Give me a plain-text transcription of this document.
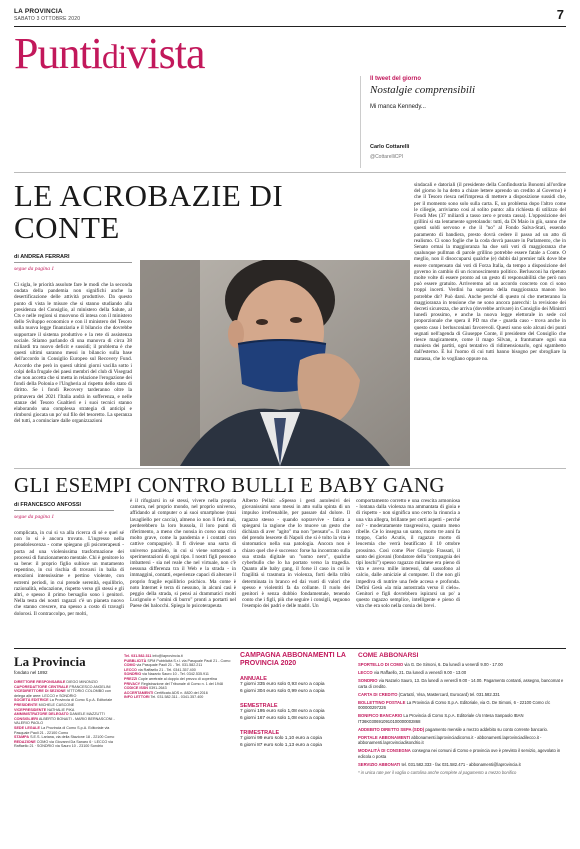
LA PROVINCIA
SABATO 3 OTTOBRE 2020	7
Puntidivista
Il tweet del giorno
Nostalgie comprensibili
Mi manca Kennedy...
Carlo Cottarelli
@CottarelliCPI
LE ACROBAZIE DI CONTE
di ANDREA FERRARI
segue da pagina 1
Ci sigla, le priorità assolute fare le modi che la seconda ondata della pandemia non significhi anche la desertificazione delle attività produttive. Da questo punto di vista le misure che si stanno studiando alla presidenza del Consiglio, al ministero della Salute, al Cts e nelle regioni si muovono di intesa con il ministero dello Sviluppo economico e con il ministero del Tesoro sulla nuova legge finanziaria e il bilancio che dovrebbe supportare il sistema produttivo e la rete di assistenza sociale. Stiamo parlando di una manovra di circa 38 miliardi tra nuovo deficit e sussidi; il problema è che questi ultimi saranno messi in bilancio sulla base dell'accordo in Consiglio Europeo sul Recovery Fund. Accordo che però in questi ultimi giorni vacilla sotto i colpi della frugale dei paesi membri del club di Visegrad che non accetta che si metta in relazione l'erogazione dei fondi della Polonia e l'Ungheria al rispetto dello stato di diritto. Se i fondi Recovery tarderanno oltre la primavera del 2021 l'Italia andrà in sofferenza, e nelle stanze del Tesoro Gualtieri e i suoi tecnici stanno elaborando una complessa strategia di anticipi e rimborsi giocata un po' sul filo del tesoretto. La speranza del tutti, a cominciare dalle organizzazioni
sindacali e datoriali (il presidente della Confindustria Bonomi all'ordine del giorno lo ha detto a chiare lettere aprendo un credito al Governo) è che il Tesoro riesca nell'impresa di mettere a disposizione sussidi che, per il momento sono solo sulla carta. E, un problema dopo l'altro come le ciliegie, arriviamo così al solito punto: alla richiesta di utilizzo del Fondi Mes (37 miliardi a tasso zero e pronta cassa). L'opposizione dei grillini si sta lentamente sgretolando: tutti, da Di Maio in giù, sanno che questi soldi servono e che il "no" al Fondo Salva-Stati, essendo paramento di bandiera, presto dovrà cedere il passo ad un atto di realismo. Ci sono foglie che la coda dovrà passare in Parlamento, che in Senato ormai la maggioranza ha due soli voti di maggioranza che qualunque pullman di parole grillino potrebbe essere fatale a Conte. O meglio, non il disoccuparsi qualche (e) dubbi dal premier talk dove bbe essere compensato dai voti di Forza Italia, da tempo a disposizione del governo in cambio di un riconoscimento politico. Berlusconi ha ripetuto molte volte di essere pronto ad un gesto di responsabilità che però non può essere gratuito. Arriveremo ad un accordo concreto con ci sono troppi incerti. Verdini ha superato della maggioranza manon loo potrebbe dir? Può darsi. Anche perché di questo ni che metteranno la maggioranza in tensione che ne sono ancora parecchi: la revisione dei decreti sicurezza, che arriva (dovrebbe arrivare) in Consiglio dei Ministri lunedì prossimo, e anche la nuova legge elettorale in sede col proporzionale che spera il PD ma che - guarda caso - trova anche in questo caso i berlusconiani favorevoli. Questi sono solo alcuni dei punti segnati nell'agenda di Giuseppe Conte, il presidente del Consiglio che riesce magicamente, come il mago Silvan, a frantumare ogni sua maniera dei partiti, ogni tentativo di ridimensionarlo, ogni sgambetto dall'esterno. È lui l'uomo di cui tutti hanno bisogno per sbrogliare la matassa, che lo vogliano oppure no.
GLI ESEMPI CONTRO BULLI E BABY GANG
di FRANCESCO ANFOSSI
segue da pagina 1
complicata, in cui si va alla ricerca di sé e quel sé non lo si è ancora trovato. L'ingresso nella preadolescenza - come spiegano gli psicoterapeuti - porta ad una violenissima trasformazione dei processi di funzionamento mentale. Chi è genitore lo sa bene: il proprio figlio subisce un mutamento repentino, in cui rischia di trovarsi in balia di emozioni intensissime e pertino violente, con estremi periodi, in cui prende serenità, equilibrio, razionalità, educazione, rispetto verso gli stessi e gli altri, e spesso il primo bersaglio sono i genitori. Nella testa dei nostri ragazzi c'è un pianeta nuovo che stanno crescere, ma spesso a costo di travagli dolorosi. Il contraccolpo, per molti,
è il rifugiarsi in sé stessi, vivere nella propria camera, nel proprio mondo, nel proprio universo, affidando al computer o ai suoi smartphone (mai lavagliello per caccia), almeno io non li ferà mai, perderebbero la loro bussola, il loro punti di riferimento, a meno che nonsia in corso una crisi molto grave, come la pandemia e i contatti con cattive compagnie). Il fi divieue una sorta di universo parallelo, in cui si viene sottoposti a sperimentazioni di ogni tipo. I nostri figli possono imbattersi - sia nel reale che nel virtuale, non c'è nessuna differenza tra il Web e la strada - in immaggini, contatti, esperienze capaci di alterare il proprio fragile equilibrio psichico. Ma come è noto Internet è terra di nessuno, in alcuni casi è peggio della strada, si pensi ai drammatici molti Lucignolo e "omini di burro" pronti a portarti nel Paese dei balocchi. Spiega lo psicoterapeuta
Alberto Pellai: «Spesso i gesti autolesivi dei giovanissimi sono messi in atto sulla spinta di un impulso irrefrenabile, per passare dal dolore. Il ragazzo stesso - quando sopravvive - fatica a spiegarsi la ragione che lo muove un gesto che dichiara di aver "agito" ma non "pensato"». Il caso del prendo lesecete di Napoli che si è tolto la vita è sintomatico nella sua patologia. Ancora non è chiaro quel che è successo: forse ha incontrato sulla sua strada digitale un "uomo nero", qualche cyberbullo che lo ha portato verso la tragedia. Quanto alle baby gang, il forse il caso in cui le fragilità si trasmuta in violenza, forti della tribù determinata in branco ed dai vuoti di valori che spesso e violentiti fa da collante. Il ruolo dei genitori è senza dubbio fondamentale, tenendo conto che i figli, più che seguire i consigli, seguono l'esempio dei padri e delle madri. Un
comportamento corretto e una crescita armoniosa - lontana dalla violenza ma ammantata di gioia e di rispetto - non significa uno certo la rinuncia a una vita allegra, brillante per certi aspetti - perché no? - moderatamente trasgressiva, quanto meno ribelle. Ce lo insegna un santo, morto tre anni fa troppo, Carlo Acutis, il ragazzo morto di leucemia che verrà beatificato il 10 ottobre prossimo. Così come Pier Giorgio Frassati, il santo dei giovani (fondatore della "compagnia dei tipi loschi") spesso ragazzo milanese era pieno di vita e aveva mille interessi, dal sassofono al calcio, dalle amicizie al computer. Il che non gli impediva di nutrire una fede accesa e profonda. Definì Gesù «la mia autostrada verso il cielo». Genitori e figli dovrebbero ispirarsi un po' a questo ragazzo semplice, intelligente e pieno di vita che era solo nella corsia dei brevi.
La Provincia
fondato nel 1892
DIRETTORE RESPONSABILE DIEGO MINONZIO
CAPOREDATTORE CENTRALE FRANCESCO ANGELINI
VICEDIRETTORE DI SEZIONE VITTORIO COLOMBO con delega alle aree: LECCO e SONDRIO
SOCIETÀ EDITRICE La Provincia di Como S.p.A. Editoriale
PRESIDENTE MICHELE CASCONE
VICEPRESIDENTE NATHALIE PIKA
AMMINISTRATORE DELEGATO DANIELE MAZZUTTI
CONSIGLIERI ALBERTO BONAITI - MARIO BERNASCONI - VALERIO PAOLO
SEDE LEGALE La Provincia di Como S.p.A. Editoriale via Pasquale Paoli 21 - 22100 Como
STAMPA S.E.S. Lariana, via della Stazione 18 - 22100 Como
REDAZIONE COMO via Giovanni Da Sanaro 6 · LECCO via Raffaello 21 · SONDRIO via Sauro 10 - 23100 Sondrio
Tel. 031.582.311 info@laprovincia.it
PUBBLICITÀ SPM Pubblicità S.r.l. via Pasquale Paoli 21 - Como
COMO via Pasquale Paoli 21 - Tel. 031.582.211
LECCO via Raffaello 21 - Tel. 0341.357.400
SONDRIO via Nazario Sauro 10 - Tel. 0342.535.911
PREZZI Copie arretrate al doppio del prezzo di copertina
PRIVACY Registrazione del Tribunale di Como n. 1 del 1948
CODICE ISSN 0391-2643
ACCERTAMENTI Certificato ADS n. 8820 del 2016
INFO LETTORI Tel. 031.582.311 - 0341.357.400
CAMPAGNA ABBONAMENTI LA PROVINCIA 2020
ANNUALE
7 giorni 335 euro solo 0,93 euro a copia
6 giorni 304 euro solo 0,99 euro a copia
SEMESTRALE
7 giorni 195 euro solo 1,08 euro a copia
6 giorni 167 euro solo 1,08 euro a copia
TRIMESTRALE
7 giorni 99 euro solo 1,10 euro a copia
6 giorni 87 euro solo 1,13 euro a copia
COME ABBONARSI
SPORTELLO DI COMO via G. De Simoni, 6. Da lunedì a venerdì 9.00 - 17.00
LECCO via Raffaello, 21. Da lunedì a venerdì 9.00 - 13.00
SONDRIO via Nazario Sauro, 13. Da lunedì a venerdì 9.00 - 14.00. Pagamento contanti, assegno, bancomat e carta di credito.
CARTA DI CREDITO (CartaSì, Visa, Mastercard, Eurocard) tel. 031.582.331
BOLLETTINO POSTALE La Provincia di Como S.p.A. Editoriale, via G. De Simoni, 6 - 22100 Como c/c 000000297226
BONIFICO BANCARIO La Provincia di Como S.p.A. Editoriale c/o Intesa Sanpaolo IBAN IT36K0306910910100000002868
ADDEBITO DIRETTO SEPA (SDD) pagamento mensile a mezzo addebito su conto corrente bancario.
PORTALE ABBONAMENTI abbonamenti.laprovinciadicomo.it - abbonamenti.laprovinciadilecco.it - abbonamenti.laprovinciadisondrio.it
MODALITÀ DI CONSEGNA consegna nei comuni di Como e provincia ove è previsto il servizio, agevolato in edicola o posta
SERVIZIO ABBONATI tel. 031.582.333 - fax 031.582.471 - abbonamenti@laprovincia.it
* in unica rate per il vaglia o cartolina anche complete al pagamento a mezzo bonifico
